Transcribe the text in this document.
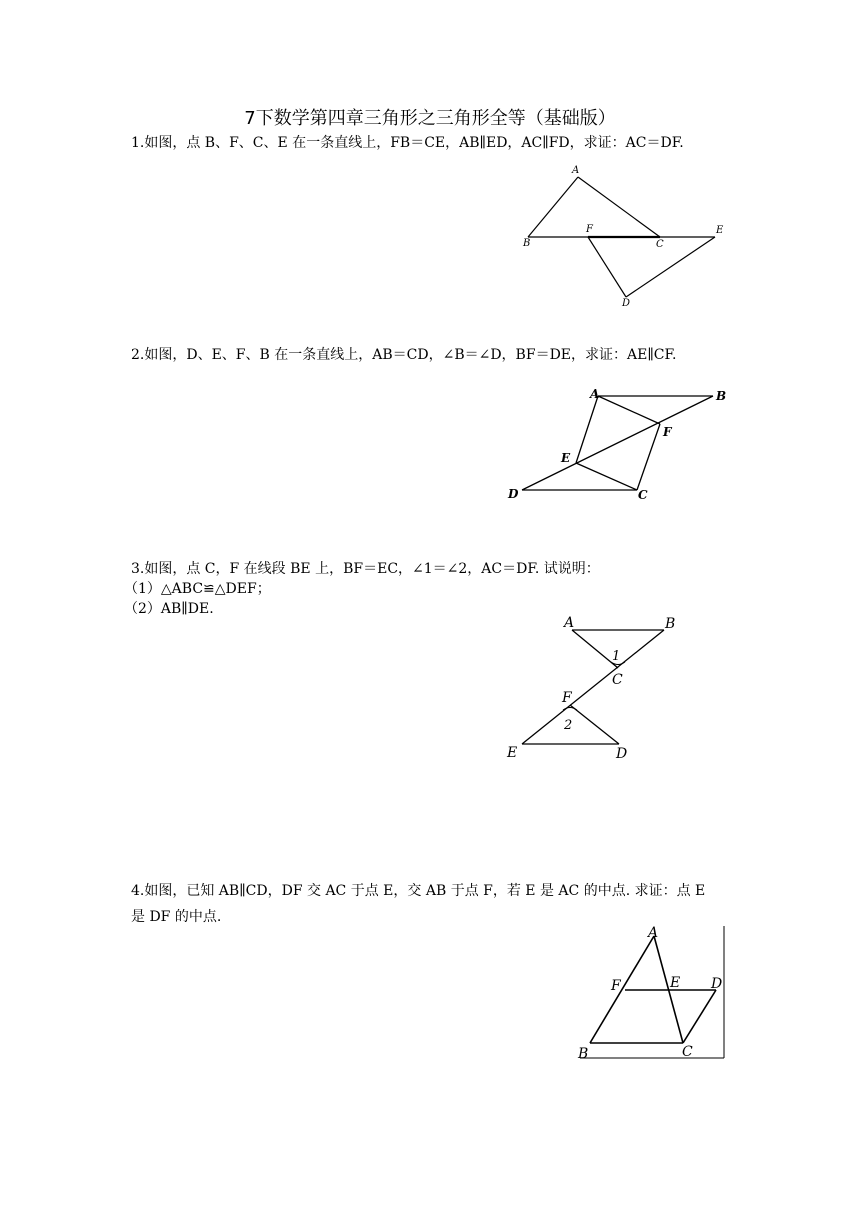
7下数学第四章三角形之三角形全等（基础版）
1.如图，点 B、F、C、E 在一条直线上，FB＝CE，AB∥ED，AC∥FD，求证：AC＝DF.
A
B
F
C
E
D
2.如图，D、E、F、B 在一条直线上，AB＝CD，∠B＝∠D，BF＝DE，求证：AE∥CF.
A	B
F
E
D	C
3.如图，点 C，F 在线段 BE 上，BF＝EC，∠1＝∠2，AC＝DF. 试说明：
（1）△ABC≌△DEF；
（2）AB∥DE.
A	B
1
C
F
2
E	D
4.如图，已知 AB∥CD，DF 交 AC 于点 E，交 AB 于点 F，若 E 是 AC 的中点. 求证：点 E
是 DF 的中点.
A
F	E D
B	C
